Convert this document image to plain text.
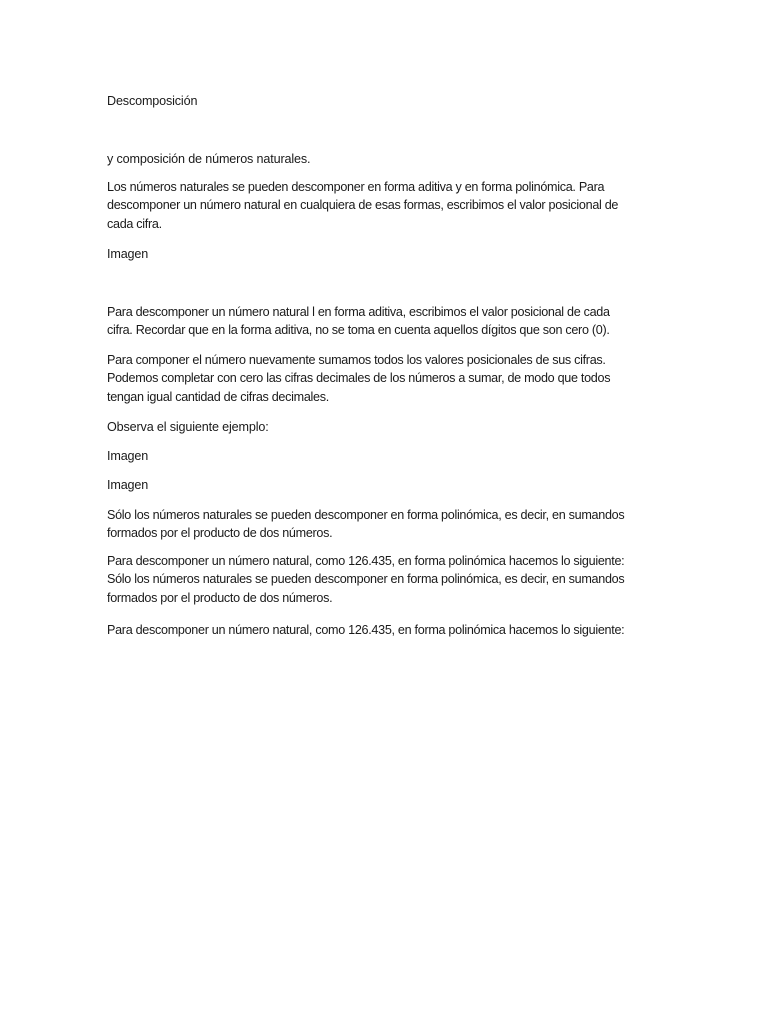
Descomposición
y composición de números naturales.
Los números naturales se pueden descomponer en forma aditiva y en forma polinómica. Para
descomponer un número natural en cualquiera de esas formas, escribimos el valor posicional de
cada cifra.
Imagen
Para descomponer un número natural l en forma aditiva, escribimos el valor posicional de cada
cifra. Recordar que en la forma aditiva, no se toma en cuenta aquellos dígitos que son cero (0).
Para componer el número nuevamente sumamos todos los valores posicionales de sus cifras.
Podemos completar con cero las cifras decimales de los números a sumar, de modo que todos
tengan igual cantidad de cifras decimales.
Observa el siguiente ejemplo:
Imagen
Imagen
Sólo los números naturales se pueden descomponer en forma polinómica, es decir, en sumandos
formados por el producto de dos números.
Para descomponer un número natural, como 126.435, en forma polinómica hacemos lo siguiente:
Sólo los números naturales se pueden descomponer en forma polinómica, es decir, en sumandos
formados por el producto de dos números.
Para descomponer un número natural, como 126.435, en forma polinómica hacemos lo siguiente:
